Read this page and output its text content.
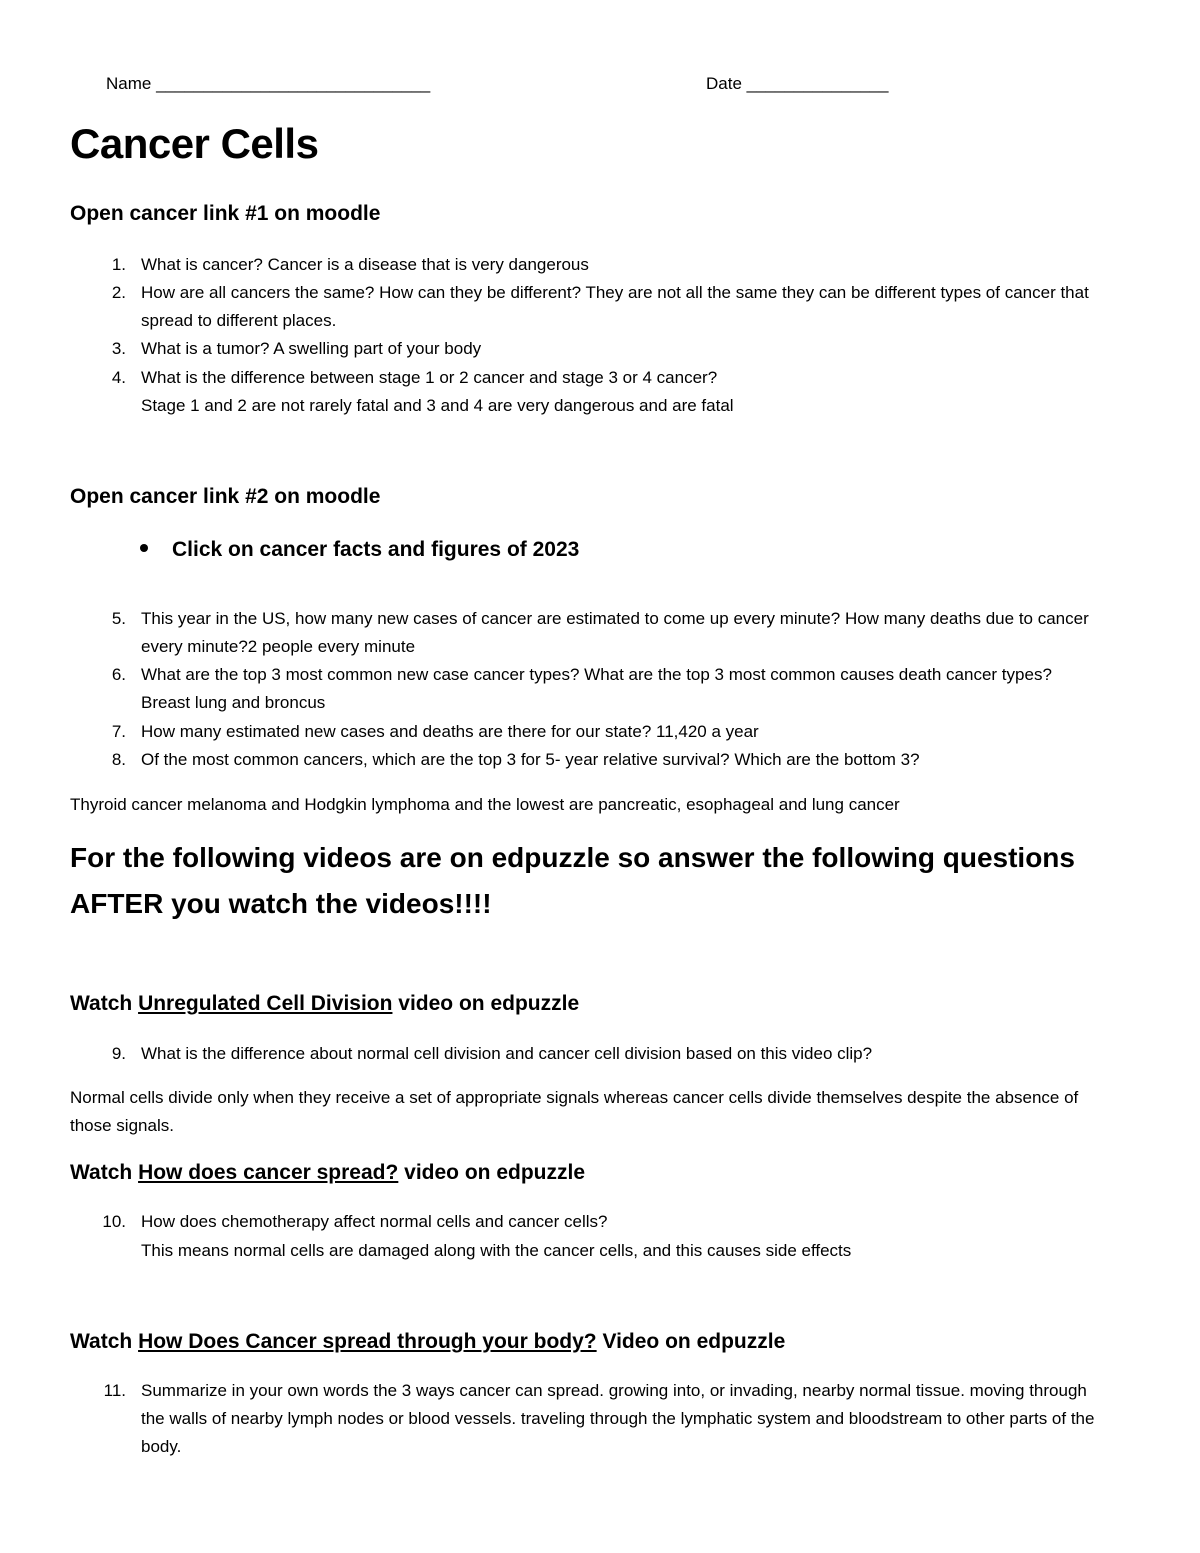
Name _____________________________	Date _______________
Cancer Cells
Open cancer link #1 on moodle
1. What is cancer? Cancer is a disease that is very dangerous
2. How are all cancers the same? How can they be different? They are not all the same they can be different types of cancer that spread to different places.
3. What is a tumor? A swelling part of your body
4. What is the difference between stage 1 or 2 cancer and stage 3 or 4 cancer?
Stage 1 and 2 are not rarely fatal and 3 and 4 are very dangerous and are fatal
Open cancer link #2 on moodle
Click on cancer facts and figures of 2023
5. This year in the US, how many new cases of cancer are estimated to come up every minute? How many deaths due to cancer every minute?2 people every minute
6. What are the top 3 most common new case cancer types? What are the top 3 most common causes death cancer types? Breast lung and broncus
7. How many estimated new cases and deaths are there for our state? 11,420 a year
8. Of the most common cancers, which are the top 3 for 5- year relative survival? Which are the bottom 3?
Thyroid cancer melanoma and Hodgkin lymphoma and the lowest are pancreatic, esophageal and lung cancer
For the following videos are on edpuzzle so answer the following questions AFTER you watch the videos!!!!
Watch Unregulated Cell Division video on edpuzzle
9. What is the difference about normal cell division and cancer cell division based on this video clip?
Normal cells divide only when they receive a set of appropriate signals whereas cancer cells divide themselves despite the absence of those signals.
Watch How does cancer spread? video on edpuzzle
10. How does chemotherapy affect normal cells and cancer cells?
This means normal cells are damaged along with the cancer cells, and this causes side effects
Watch How Does Cancer spread through your body? Video on edpuzzle
11. Summarize in your own words the 3 ways cancer can spread. growing into, or invading, nearby normal tissue. moving through the walls of nearby lymph nodes or blood vessels. traveling through the lymphatic system and bloodstream to other parts of the body.
